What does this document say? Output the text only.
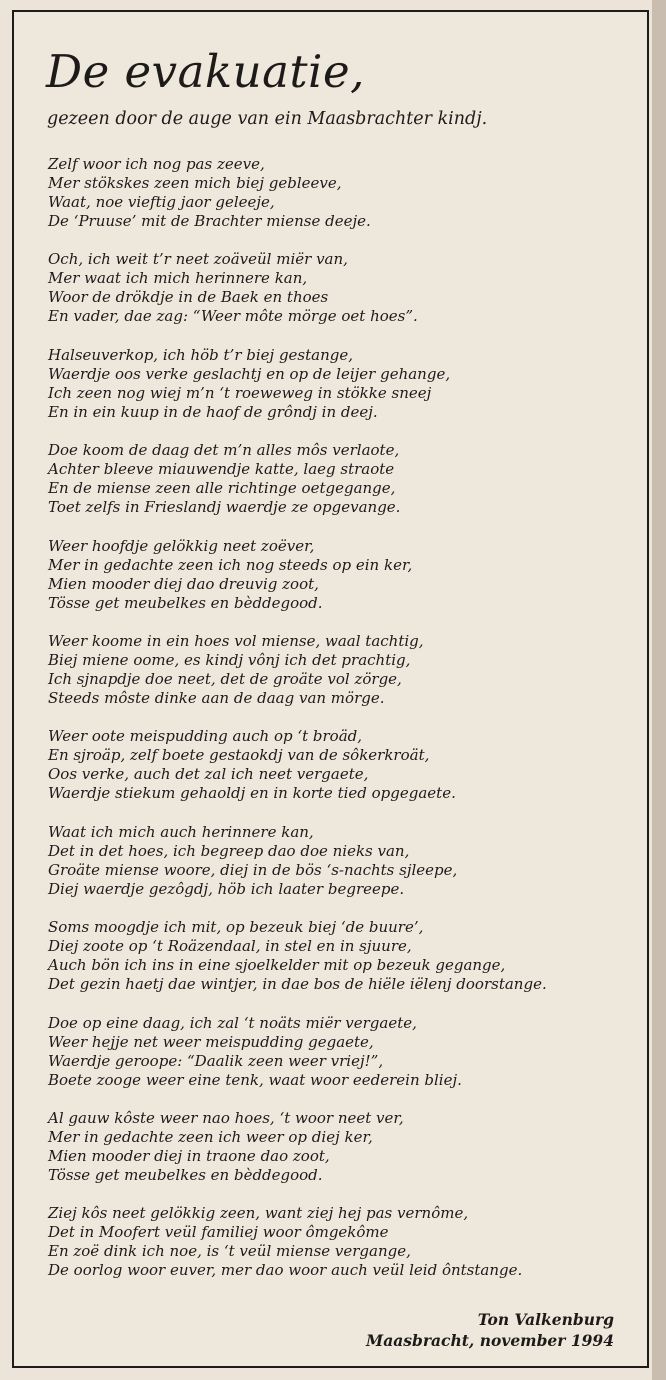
De evakuatie,

gezeen door de auge van ein Maasbrachter kindj.

Zelf woor ich nog pas zeeve,
Mer stökskes zeen mich biej gebleeve,
Waat, noe vieftig jaor geleeje,
De ‘Pruuse’ mit de Brachter miense deeje.
Och, ich weit t’r neet zoäveül miër van,
Mer waat ich mich herinnere kan,
Woor de drökdje in de Baek en thoes
En vader, dae zag: “Weer môte mörge oet hoes”.
Halseuverkop, ich höb t’r biej gestange,
Waerdje oos verke geslachtj en op de leijer gehange,
Ich zeen nog wiej m’n ‘t roeweweg in stökke sneej
En in ein kuup in de haof de grôndj in deej.
Doe koom de daag det m’n alles môs verlaote,
Achter bleeve miauwendje katte, laeg straote
En de miense zeen alle richtinge oetgegange,
Toet zelfs in Frieslandj waerdje ze opgevange.
Weer hoofdje gelökkig neet zoëver,
Mer in gedachte zeen ich nog steeds op ein ker,
Mien mooder diej dao dreuvig zoot,
Tösse get meubelkes en bèddegood.
Weer koome in ein hoes vol miense, waal tachtig,
Biej miene oome, es kindj vônj ich det prachtig,
Ich sjnapdje doe neet, det de groäte vol zörge,
Steeds môste dinke aan de daag van mörge.
Weer oote meispudding auch op ‘t broäd,
En sjroäp, zelf boete gestaokdj van de sôkerkroät,
Oos verke, auch det zal ich neet vergaete,
Waerdje stiekum gehaoldj en in korte tied opgegaete.
Waat ich mich auch herinnere kan,
Det in det hoes, ich begreep dao doe nieks van,
Groäte miense woore, diej in de bös ‘s-nachts sjleepe,
Diej waerdje gezôgdj, höb ich laater begreepe.
Soms moogdje ich mit, op bezeuk biej ‘de buure’,
Diej zoote op ‘t Roäzendaal, in stel en in sjuure,
Auch bön ich ins in eine sjoelkelder mit op bezeuk gegange,
Det gezin haetj dae wintjer, in dae bos de hiële iëlenj doorstange.
Doe op eine daag, ich zal ‘t noäts miër vergaete,
Weer hejje net weer meispudding gegaete,
Waerdje geroope: “Daalik zeen weer vriej!”,
Boete zooge weer eine tenk, waat woor eederein bliej.
Al gauw kôste weer nao hoes, ‘t woor neet ver,
Mer in gedachte zeen ich weer op diej ker,
Mien mooder diej in traone dao zoot,
Tösse get meubelkes en bèddegood.
Ziej kôs neet gelökkig zeen, want ziej hej pas vernôme,
Det in Moofert veül familiej woor ômgekôme
En zoë dink ich noe, is ‘t veül miense vergange,
De oorlog woor euver, mer dao woor auch veül leid ôntstange.
Ton Valkenburg
Maasbracht, november 1994
